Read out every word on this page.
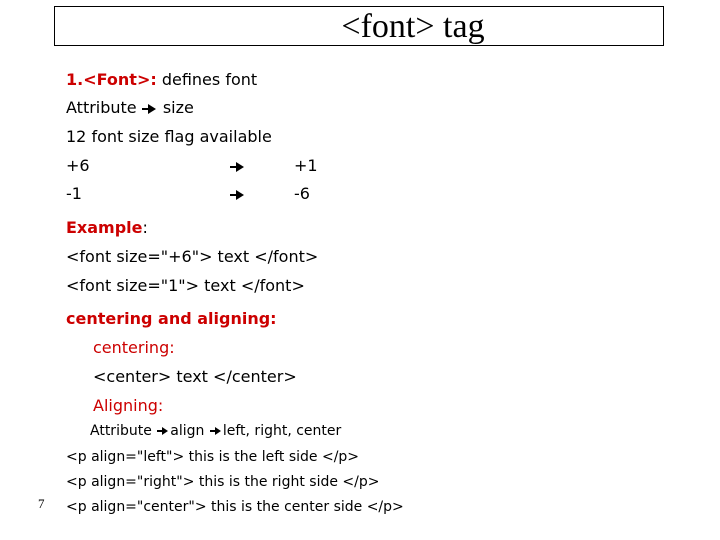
<font> tag
1.<Font>: defines font
Attribute size
12 font size flag available
+6	+1
-1	-6
Example:
<font size="+6"> text </font>
<font size="1"> text </font>
centering and aligning:
centering:
<center> text </center>
Aligning:
Attribute align left, right, center
<p align="left"> this is the left side </p>
<p align="right"> this is the right side </p>
<p align="center"> this is the center side </p>
7
